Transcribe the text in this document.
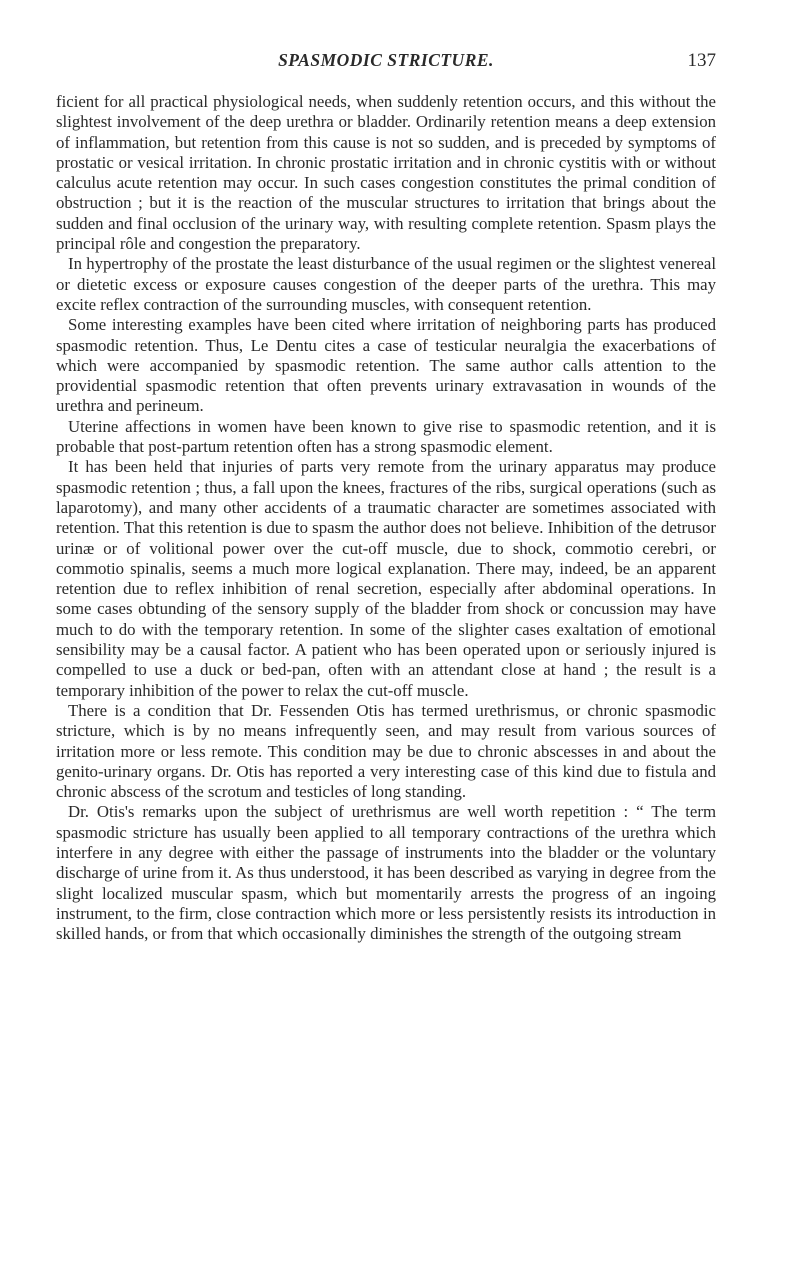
SPASMODIC STRICTURE.	137

ficient for all practical physiological needs, when suddenly retention occurs, and this without the slightest involvement of the deep urethra or bladder. Ordinarily retention means a deep extension of inflammation, but retention from this cause is not so sudden, and is preceded by symptoms of prostatic or vesical irritation. In chronic prostatic irritation and in chronic cystitis with or without calculus acute retention may occur. In such cases congestion constitutes the primal condition of obstruction ; but it is the reaction of the muscular structures to irritation that brings about the sudden and final occlusion of the urinary way, with resulting complete retention. Spasm plays the principal rôle and congestion the preparatory.

In hypertrophy of the prostate the least disturbance of the usual regimen or the slightest venereal or dietetic excess or exposure causes congestion of the deeper parts of the urethra. This may excite reflex contraction of the surrounding muscles, with consequent retention.

Some interesting examples have been cited where irritation of neighboring parts has produced spasmodic retention. Thus, Le Dentu cites a case of testicular neuralgia the exacerbations of which were accompanied by spasmodic retention. The same author calls attention to the providential spasmodic retention that often prevents urinary extravasation in wounds of the urethra and perineum.

Uterine affections in women have been known to give rise to spasmodic retention, and it is probable that post-partum retention often has a strong spasmodic element.

It has been held that injuries of parts very remote from the urinary apparatus may produce spasmodic retention ; thus, a fall upon the knees, fractures of the ribs, surgical operations (such as laparotomy), and many other accidents of a traumatic character are sometimes associated with retention. That this retention is due to spasm the author does not believe. Inhibition of the detrusor urinæ or of volitional power over the cut-off muscle, due to shock, commotio cerebri, or commotio spinalis, seems a much more logical explanation. There may, indeed, be an apparent retention due to reflex inhibition of renal secretion, especially after abdominal operations. In some cases obtunding of the sensory supply of the bladder from shock or concussion may have much to do with the temporary retention. In some of the slighter cases exaltation of emotional sensibility may be a causal factor. A patient who has been operated upon or seriously injured is compelled to use a duck or bed-pan, often with an attendant close at hand ; the result is a temporary inhibition of the power to relax the cut-off muscle.

There is a condition that Dr. Fessenden Otis has termed urethrismus, or chronic spasmodic stricture, which is by no means infrequently seen, and may result from various sources of irritation more or less remote. This condition may be due to chronic abscesses in and about the genito-urinary organs. Dr. Otis has reported a very interesting case of this kind due to fistula and chronic abscess of the scrotum and testicles of long standing.

Dr. Otis's remarks upon the subject of urethrismus are well worth repetition : “ The term spasmodic stricture has usually been applied to all temporary contractions of the urethra which interfere in any degree with either the passage of instruments into the bladder or the voluntary discharge of urine from it. As thus understood, it has been described as varying in degree from the slight localized muscular spasm, which but momentarily arrests the progress of an ingoing instrument, to the firm, close contraction which more or less persistently resists its introduction in skilled hands, or from that which occasionally diminishes the strength of the outgoing stream
